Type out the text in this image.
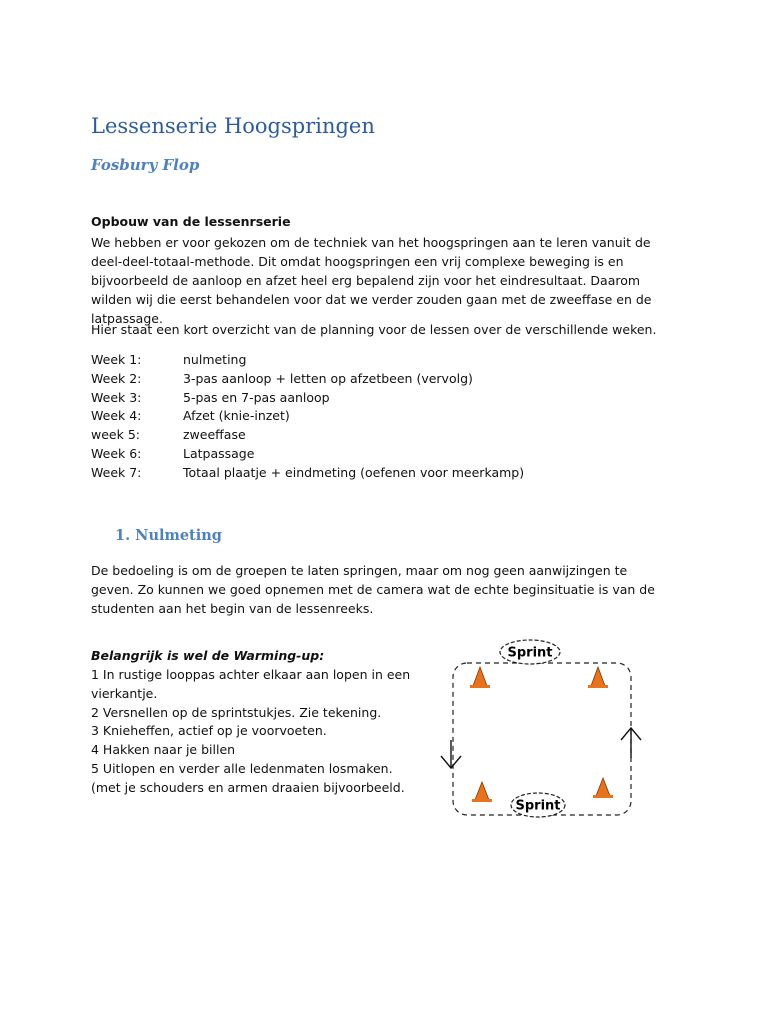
Lessenserie Hoogspringen
Fosbury Flop

Opbouw van de lessenrserie

We hebben er voor gekozen om de techniek van het hoogspringen aan te leren vanuit de deel-deel-totaal-methode. Dit omdat hoogspringen een vrij complexe beweging is en bijvoorbeeld de aanloop en afzet heel erg bepalend zijn voor het eindresultaat. Daarom wilden wij die eerst behandelen voor dat we verder zouden gaan met de zweeffase en de latpassage.

Hier staat een kort overzicht van de planning voor de lessen over de verschillende weken.

Week 1:	nulmeting
Week 2:	3-pas aanloop + letten op afzetbeen (vervolg)
Week 3:	5-pas en 7-pas aanloop
Week 4:	Afzet (knie-inzet)
week 5:	zweeffase
Week 6:	Latpassage
Week 7:	Totaal plaatje + eindmeting (oefenen voor meerkamp)
1. Nulmeting

De bedoeling is om de groepen te laten springen, maar om nog geen aanwijzingen te geven. Zo kunnen we goed opnemen met de camera wat de echte beginsituatie is van de studenten aan het begin van de lessenreeks.

Belangrijk is wel de Warming-up:

1 In rustige looppas achter elkaar aan lopen in een vierkantje.
2 Versnellen op de sprintstukjes. Zie tekening.
3 Knieheffen, actief op je voorvoeten.
4 Hakken naar je billen
5 Uitlopen en verder alle ledenmaten losmaken. (met je schouders en armen draaien bijvoorbeeld.
Sprint
Sprint
